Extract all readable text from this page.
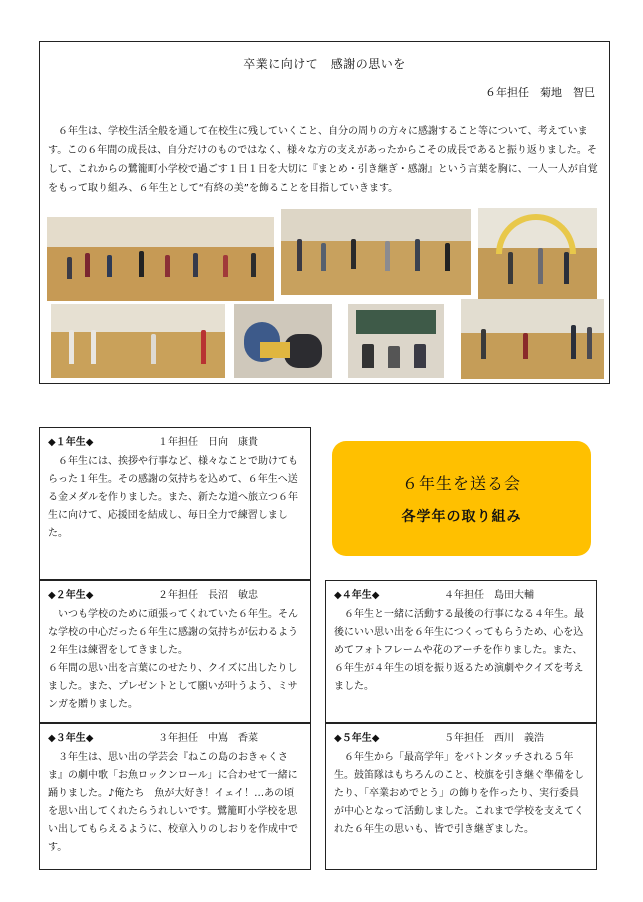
卒業に向けて　感謝の思いを
６年担任　菊地　智巳
６年生は、学校生活全般を通して在校生に残していくこと、自分の周りの方々に感謝すること等について、考えています。この６年間の成長は、自分だけのものではなく、様々な方の支えがあったからこその成長であると振り返りました。そして、これからの鷺籠町小学校で過ごす１日１日を大切に『まとめ・引き継ぎ・感謝』という言葉を胸に、一人一人が自覚をもって取り組み、６年生として“有終の美”を飾ることを目指していきます。
◆１年生◆	１年担任　日向　康貴
６年生には、挨拶や行事など、様々なことで助けてもらった１年生。その感謝の気持ちを込めて、６年生へ送る金メダルを作りました。また、新たな道へ旅立つ６年生に向けて、応援団を結成し、毎日全力で練習しました。
６年生を送る会
各学年の取り組み
◆２年生◆	２年担任　長沼　敏忠
いつも学校のために頑張ってくれていた６年生。そんな学校の中心だった６年生に感謝の気持ちが伝わるよう２年生は練習をしてきました。
６年間の思い出を言葉にのせたり、クイズに出したりしました。また、プレゼントとして願いが叶うよう、ミサンガを贈りました。
◆３年生◆	３年担任　中嶌　香菜
３年生は、思い出の学芸会『ねこの島のおきゃくさま』の劇中歌「お魚ロックンロール」に合わせて一緒に踊りました。♪俺たち　魚が大好き！イェイ！…あの頃を思い出してくれたらうれしいです。鷺籠町小学校を思い出してもらえるように、校章入りのしおりを作成中です。
◆４年生◆	４年担任　島田大輔
６年生と一緒に活動する最後の行事になる４年生。最後にいい思い出を６年生につくってもらうため、心を込めてフォトフレームや花のアーチを作りました。また、６年生が４年生の頃を振り返るため演劇やクイズを考えました。
◆５年生◆	５年担任　西川　義浩
６年生から「最高学年」をバトンタッチされる５年生。鼓笛隊はもちろんのこと、校旗を引き継ぐ準備をしたり、「卒業おめでとう」の飾りを作ったり、実行委員が中心となって活動しました。これまで学校を支えてくれた６年生の思いも、皆で引き継ぎました。
